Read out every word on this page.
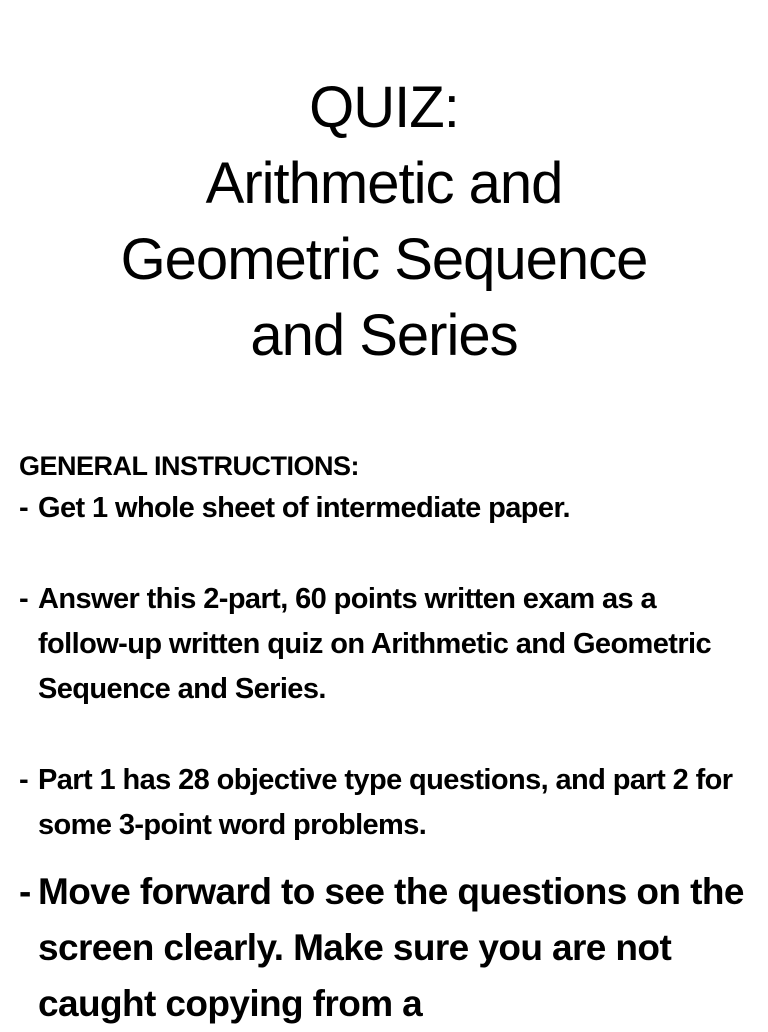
QUIZ:
Arithmetic and
Geometric Sequence
and Series
GENERAL INSTRUCTIONS:
- Get 1 whole sheet of intermediate paper.
- Answer this 2-part, 60 points written exam as a follow-up written quiz on Arithmetic and Geometric Sequence and Series.
- Part 1 has 28 objective type questions, and part 2 for some 3-point word problems.
- Move forward to see the questions on the screen clearly. Make sure you are not caught copying from a
